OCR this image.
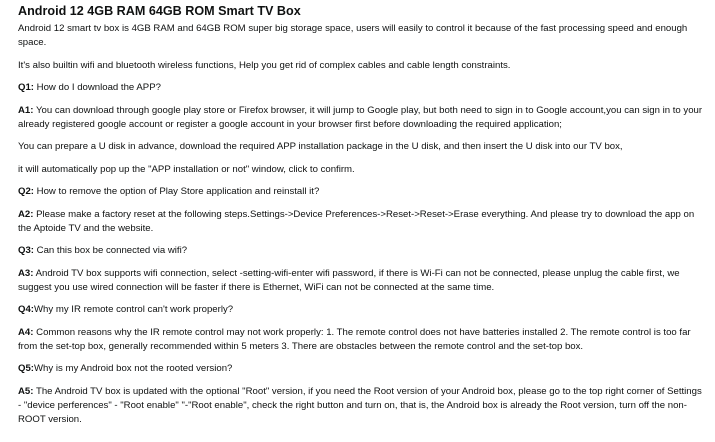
Android 12 4GB RAM 64GB ROM Smart TV Box

Android 12 smart tv box is 4GB RAM and 64GB ROM super big storage space, users will easily to control it because of the fast processing speed and enough space.

It's also builtin wifi and bluetooth wireless functions, Help you get rid of complex cables and cable length constraints.

Q1: How do I download the APP?

A1: You can download through google play store or Firefox browser, it will jump to Google play, but both need to sign in to Google account,you can sign in to your already registered google account or register a google account in your browser first before downloading the required application;

You can prepare a U disk in advance, download the required APP installation package in the U disk, and then insert the U disk into our TV box,

it will automatically pop up the "APP installation or not" window, click to confirm.

Q2: How to remove the option of Play Store application and reinstall it?

A2: Please make a factory reset at the following steps.Settings->Device Preferences->Reset->Reset->Erase everything. And please try to download the app on the Aptoide TV and the website.

Q3: Can this box be connected via wifi?

A3: Android TV box supports wifi connection, select -setting-wifi-enter wifi password, if there is Wi-Fi can not be connected, please unplug the cable first, we suggest you use wired connection will be faster if there is Ethernet, WiFi can not be connected at the same time.

Q4:Why my IR remote control can't work properly?

A4: Common reasons why the IR remote control may not work properly: 1. The remote control does not have batteries installed 2. The remote control is too far from the set-top box, generally recommended within 5 meters 3. There are obstacles between the remote control and the set-top box.

Q5:Why is my Android box not the rooted version?

A5: The Android TV box is updated with the optional "Root" version, if you need the Root version of your Android box, please go to the top right corner of Settings - "device perferences" - "Root enable" "-"Root enable", check the right button and turn on, that is, the Android box is already the Root version, turn off the non-ROOT version.
